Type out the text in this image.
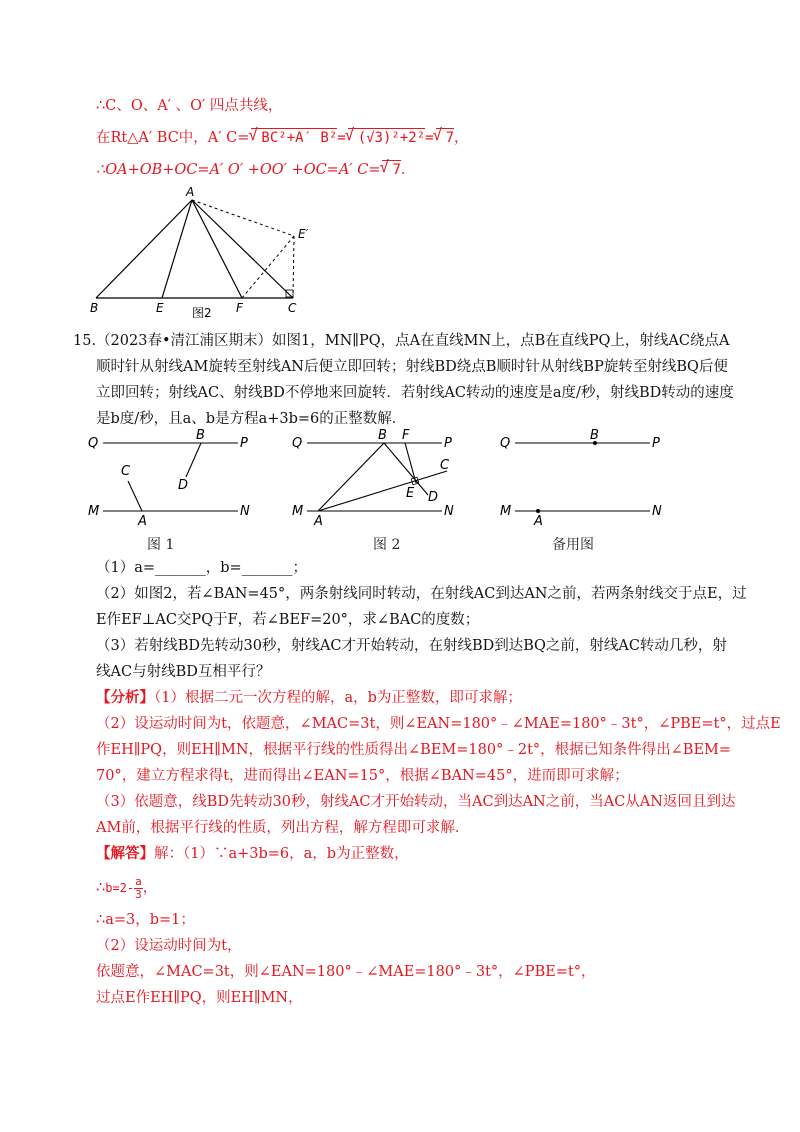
∴C、O、A′ 、O′ 四点共线，
在Rt△A′ BC中，A′ C= √ BC²+A′ B²= √ (√3)²+2²= √ 7，
∴OA+OB+OC=A′ O′ +OO′ +OC=A′ C= √ 7．
A
B	E	F	C
E′
图2
15.（2023春•清江浦区期末）如图1，MN∥PQ，点A在直线MN上，点B在直线PQ上，射线AC绕点A
顺时针从射线AM旋转至射线AN后便立即回转；射线BD绕点B顺时针从射线BP旋转至射线BQ后便
立即回转；射线AC、射线BD不停地来回旋转．若射线AC转动的速度是a度/秒，射线BD转动的速度
是b度/秒，且a、b是方程a+3b=6的正整数解．
Q
B
P
C
D
M
A
N
图 1
Q
B F
P
C
E D
M
A
N
图 2
Q
B
P
M
A
N
备用图
（1）a=_______，b=_______；
（2）如图2，若∠BAN=45°，两条射线同时转动，在射线AC到达AN之前，若两条射线交于点E，过
E作EF⊥AC交PQ于F，若∠BEF=20°，求∠BAC的度数；
（3）若射线BD先转动30秒，射线AC才开始转动，在射线BD到达BQ之前，射线AC转动几秒，射
线AC与射线BD互相平行？
【分析】（1）根据二元一次方程的解，a，b为正整数，即可求解；
（2）设运动时间为t，依题意，∠MAC=3t，则∠EAN=180°﹣∠MAE=180°﹣3t°，∠PBE=t°，过点E
作EH∥PQ，则EH∥MN，根据平行线的性质得出∠BEM=180°﹣2t°，根据已知条件得出∠BEM=
70°，建立方程求得t，进而得出∠EAN=15°，根据∠BAN=45°，进而即可求解；
（3）依题意，线BD先转动30秒，射线AC才开始转动，当AC到达AN之前，当AC从AN返回且到达
AM前，根据平行线的性质，列出方程，解方程即可求解．
【解答】解：（1）∵a+3b=6，a，b为正整数，
∴b=2- $\frac{a}{3}$ ，
∴a=3，b=1；
（2）设运动时间为t，
依题意，∠MAC=3t，则∠EAN=180°﹣∠MAE=180°﹣3t°，∠PBE=t°，
过点E作EH∥PQ，则EH∥MN，
